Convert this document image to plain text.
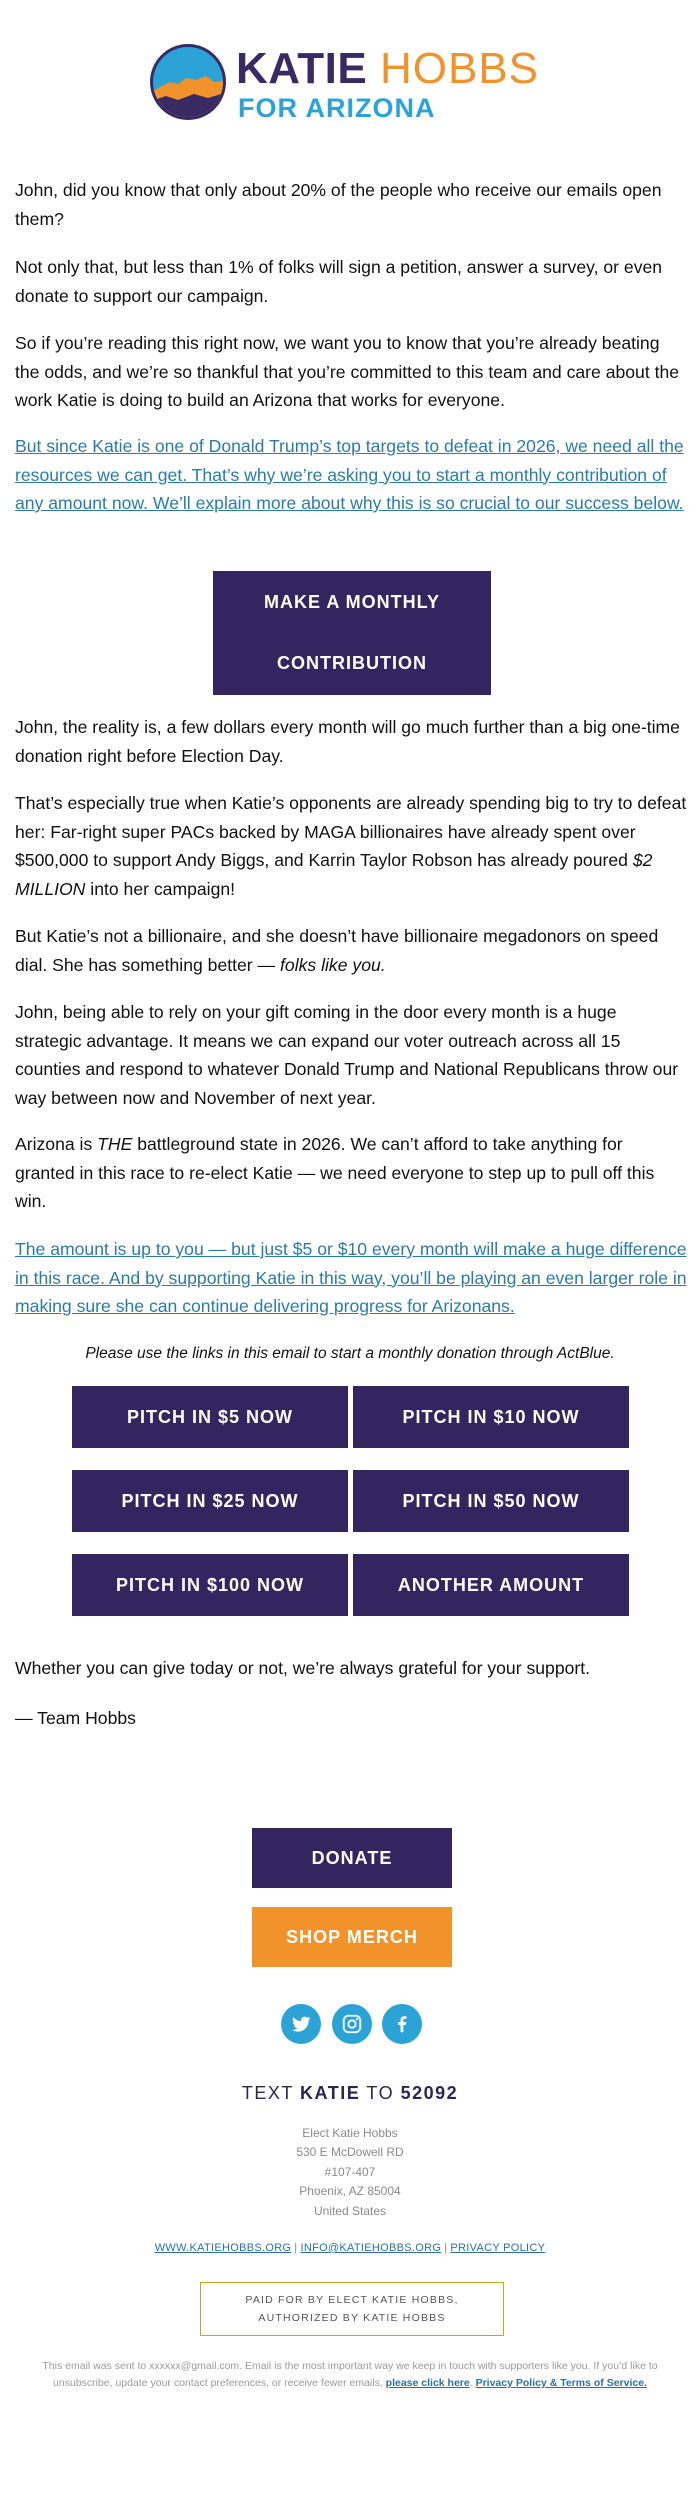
KATIE HOBBS
FOR ARIZONA

John, did you know that only about 20% of the people who receive our emails open them?

Not only that, but less than 1% of folks will sign a petition, answer a survey, or even donate to support our campaign.

So if you’re reading this right now, we want you to know that you’re already beating the odds, and we’re so thankful that you’re committed to this team and care about the work Katie is doing to build an Arizona that works for everyone.

But since Katie is one of Donald Trump’s top targets to defeat in 2026, we need all the resources we can get. That’s why we’re asking you to start a monthly contribution of any amount now. We’ll explain more about why this is so crucial to our success below.
MAKE A MONTHLY
CONTRIBUTION

John, the reality is, a few dollars every month will go much further than a big one-time donation right before Election Day.

That’s especially true when Katie’s opponents are already spending big to try to defeat her: Far-right super PACs backed by MAGA billionaires have already spent over $500,000 to support Andy Biggs, and Karrin Taylor Robson has already poured $2 MILLION into her campaign!

But Katie’s not a billionaire, and she doesn’t have billionaire megadonors on speed dial. She has something better — folks like you.

John, being able to rely on your gift coming in the door every month is a huge strategic advantage. It means we can expand our voter outreach across all 15 counties and respond to whatever Donald Trump and National Republicans throw our way between now and November of next year.

Arizona is THE battleground state in 2026. We can’t afford to take anything for granted in this race to re-elect Katie — we need everyone to step up to pull off this win.

The amount is up to you — but just $5 or $10 every month will make a huge difference in this race. And by supporting Katie in this way, you’ll be playing an even larger role in making sure she can continue delivering progress for Arizonans.

Please use the links in this email to start a monthly donation through ActBlue.

PITCH IN $5 NOW	PITCH IN $10 NOW
PITCH IN $25 NOW	PITCH IN $50 NOW
PITCH IN $100 NOW	ANOTHER AMOUNT

Whether you can give today or not, we’re always grateful for your support.

— Team Hobbs

DONATE
SHOP MERCH
TEXT KATIE TO 52092
Elect Katie Hobbs
530 E McDowell RD
#107-407
Phoenix, AZ 85004
United States
WWW.KATIEHOBBS.ORG | INFO@KATIEHOBBS.ORG | PRIVACY POLICY
PAID FOR BY ELECT KATIE HOBBS,
AUTHORIZED BY KATIE HOBBS

This email was sent to xxxxxx@gmail.com. Email is the most important way we keep in touch with supporters like you. If you’d like to unsubscribe, update your contact preferences, or receive fewer emails, please click here. Privacy Policy & Terms of Service.
